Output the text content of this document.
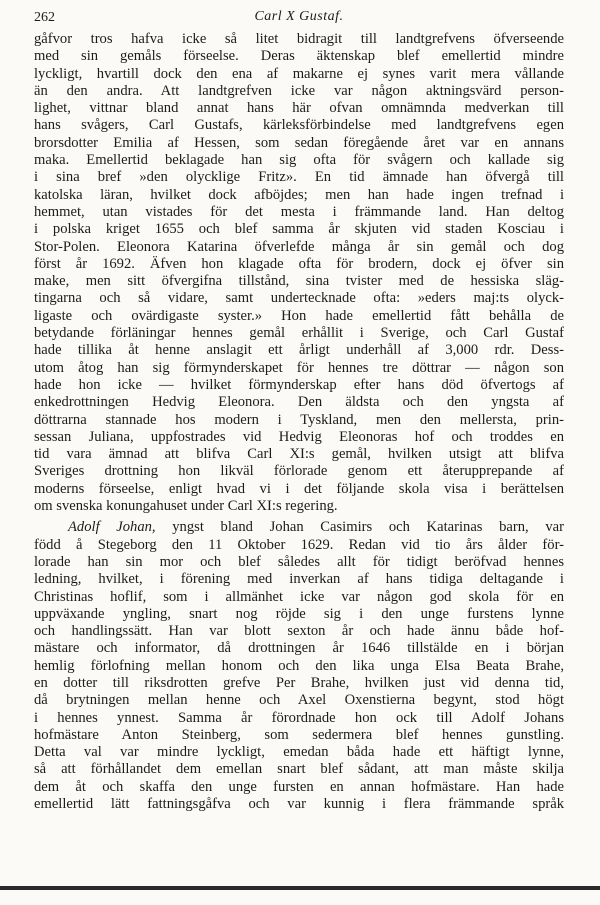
262	Carl X Gustaf.
gåfvor tros hafva icke så litet bidragit till landtgrefvens öfverseende
med sin gemåls förseelse. Deras äktenskap blef emellertid mindre
lyckligt, hvartill dock den ena af makarne ej synes varit mera vållande
än den andra. Att landtgrefven icke var någon aktningsvärd person-
lighet, vittnar bland annat hans här ofvan omnämnda medverkan till
hans svågers, Carl Gustafs, kärleksförbindelse med landtgrefvens egen
brorsdotter Emilia af Hessen, som sedan föregående året var en annans
maka. Emellertid beklagade han sig ofta för svågern och kallade sig
i sina bref »den olycklige Fritz». En tid ämnade han öfvergå till
katolska läran, hvilket dock afböjdes; men han hade ingen trefnad i
hemmet, utan vistades för det mesta i främmande land. Han deltog
i polska kriget 1655 och blef samma år skjuten vid staden Kosciau i
Stor-Polen. Eleonora Katarina öfverlefde många år sin gemål och dog
först år 1692. Äfven hon klagade ofta för brodern, dock ej öfver sin
make, men sitt öfvergifna tillstånd, sina tvister med de hessiska släg-
tingarna och så vidare, samt undertecknade ofta: »eders maj:ts olyck-
ligaste och ovärdigaste syster.» Hon hade emellertid fått behålla de
betydande förläningar hennes gemål erhållit i Sverige, och Carl Gustaf
hade tillika åt henne anslagit ett årligt underhåll af 3,000 rdr. Dess-
utom åtog han sig förmynderskapet för hennes tre döttrar — någon son
hade hon icke — hvilket förmynderskap efter hans död öfvertogs af
enkedrottningen Hedvig Eleonora. Den äldsta och den yngsta af
döttrarna stannade hos modern i Tyskland, men den mellersta, prin-
sessan Juliana, uppfostrades vid Hedvig Eleonoras hof och troddes en
tid vara ämnad att blifva Carl XI:s gemål, hvilken utsigt att blifva
Sveriges drottning hon likväl förlorade genom ett återupprepande af
moderns förseelse, enligt hvad vi i det följande skola visa i berättelsen
om svenska konungahuset under Carl XI:s regering.
Adolf Johan, yngst bland Johan Casimirs och Katarinas barn, var
född å Stegeborg den 11 Oktober 1629. Redan vid tio års ålder för-
lorade han sin mor och blef således allt för tidigt beröfvad hennes
ledning, hvilket, i förening med inverkan af hans tidiga deltagande i
Christinas hoflif, som i allmänhet icke var någon god skola för en
uppväxande yngling, snart nog röjde sig i den unge furstens lynne
och handlingssätt. Han var blott sexton år och hade ännu både hof-
mästare och informator, då drottningen år 1646 tillstälde en i början
hemlig förlofning mellan honom och den lika unga Elsa Beata Brahe,
en dotter till riksdrotten grefve Per Brahe, hvilken just vid denna tid,
då brytningen mellan henne och Axel Oxenstierna begynt, stod högt
i hennes ynnest. Samma år förordnade hon ock till Adolf Johans
hofmästare Anton Steinberg, som sedermera blef hennes gunstling.
Detta val var mindre lyckligt, emedan båda hade ett häftigt lynne,
så att förhållandet dem emellan snart blef sådant, att man måste skilja
dem åt och skaffa den unge fursten en annan hofmästare. Han hade
emellertid lätt fattningsgåfva och var kunnig i flera främmande språk
